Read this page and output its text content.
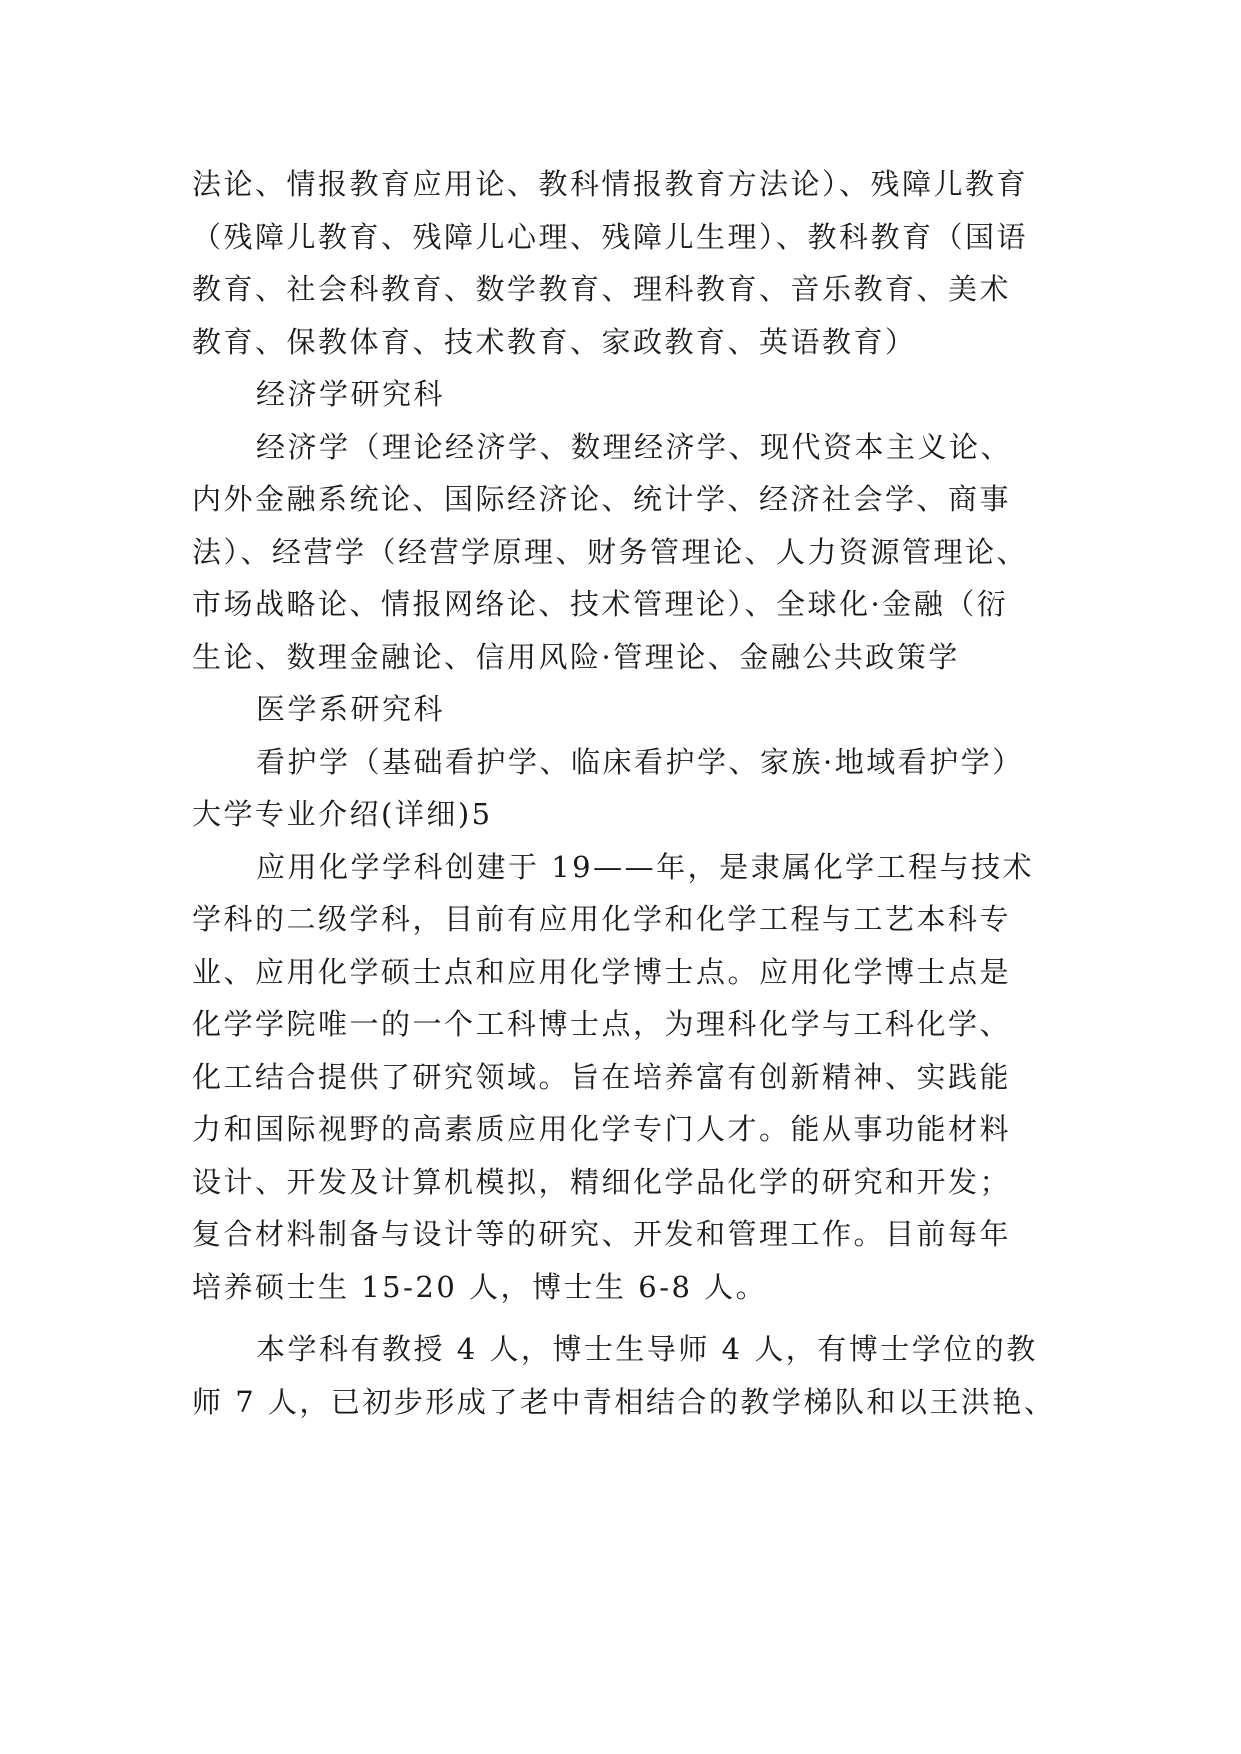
法论、情报教育应用论、教科情报教育方法论）、残障儿教育
（残障儿教育、残障儿心理、残障儿生理）、教科教育（国语
教育、社会科教育、数学教育、理科教育、音乐教育、美术
教育、保教体育、技术教育、家政教育、英语教育）
经济学研究科
经济学（理论经济学、数理经济学、现代资本主义论、
内外金融系统论、国际经济论、统计学、经济社会学、商事
法）、经营学（经营学原理、财务管理论、人力资源管理论、
市场战略论、情报网络论、技术管理论）、全球化·金融（衍
生论、数理金融论、信用风险·管理论、金融公共政策学
医学系研究科
看护学（基础看护学、临床看护学、家族·地域看护学）
大学专业介绍(详细)5
应用化学学科创建于 19——年，是隶属化学工程与技术
学科的二级学科，目前有应用化学和化学工程与工艺本科专
业、应用化学硕士点和应用化学博士点。应用化学博士点是
化学学院唯一的一个工科博士点，为理科化学与工科化学、
化工结合提供了研究领域。旨在培养富有创新精神、实践能
力和国际视野的高素质应用化学专门人才。能从事功能材料
设计、开发及计算机模拟，精细化学品化学的研究和开发；
复合材料制备与设计等的研究、开发和管理工作。目前每年
培养硕士生 15-20 人，博士生 6-8 人。
本学科有教授 4 人，博士生导师 4 人，有博士学位的教
师 7 人，已初步形成了老中青相结合的教学梯队和以王洪艳、
